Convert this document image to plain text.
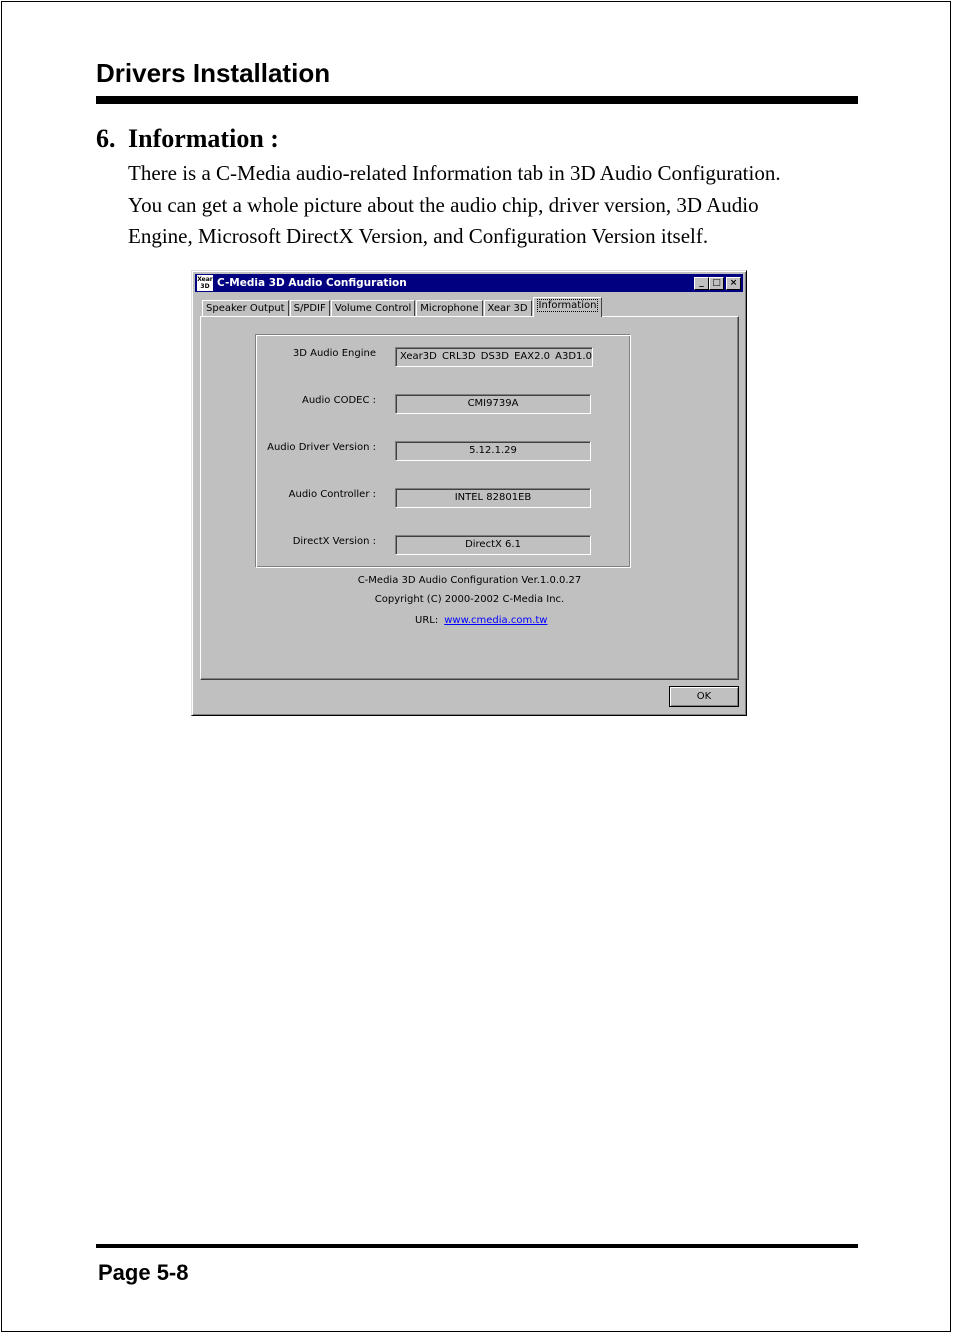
Drivers Installation
6. Information :

There is a C-Media audio-related Information tab in 3D Audio Configuration.

You can get a whole picture about the audio chip, driver version, 3D Audio

Engine, Microsoft DirectX Version, and Configuration Version itself.

Xear 3D C-Media 3D Audio Configuration	_ □ ×
Speaker Output S/PDIF Volume Control Microphone Xear 3D	Information
3D Audio Engine	Xear3D CRL3D DS3D EAX2.0 A3D1.0
Audio CODEC :	CMI9739A
Audio Driver Version :	5.12.1.29
Audio Controller :	INTEL 82801EB
DirectX Version :	DirectX 6.1
C-Media 3D Audio Configuration Ver.1.0.0.27
Copyright (C) 2000-2002 C-Media Inc.
URL: www.cmedia.com.tw
OK
Page 5-8
